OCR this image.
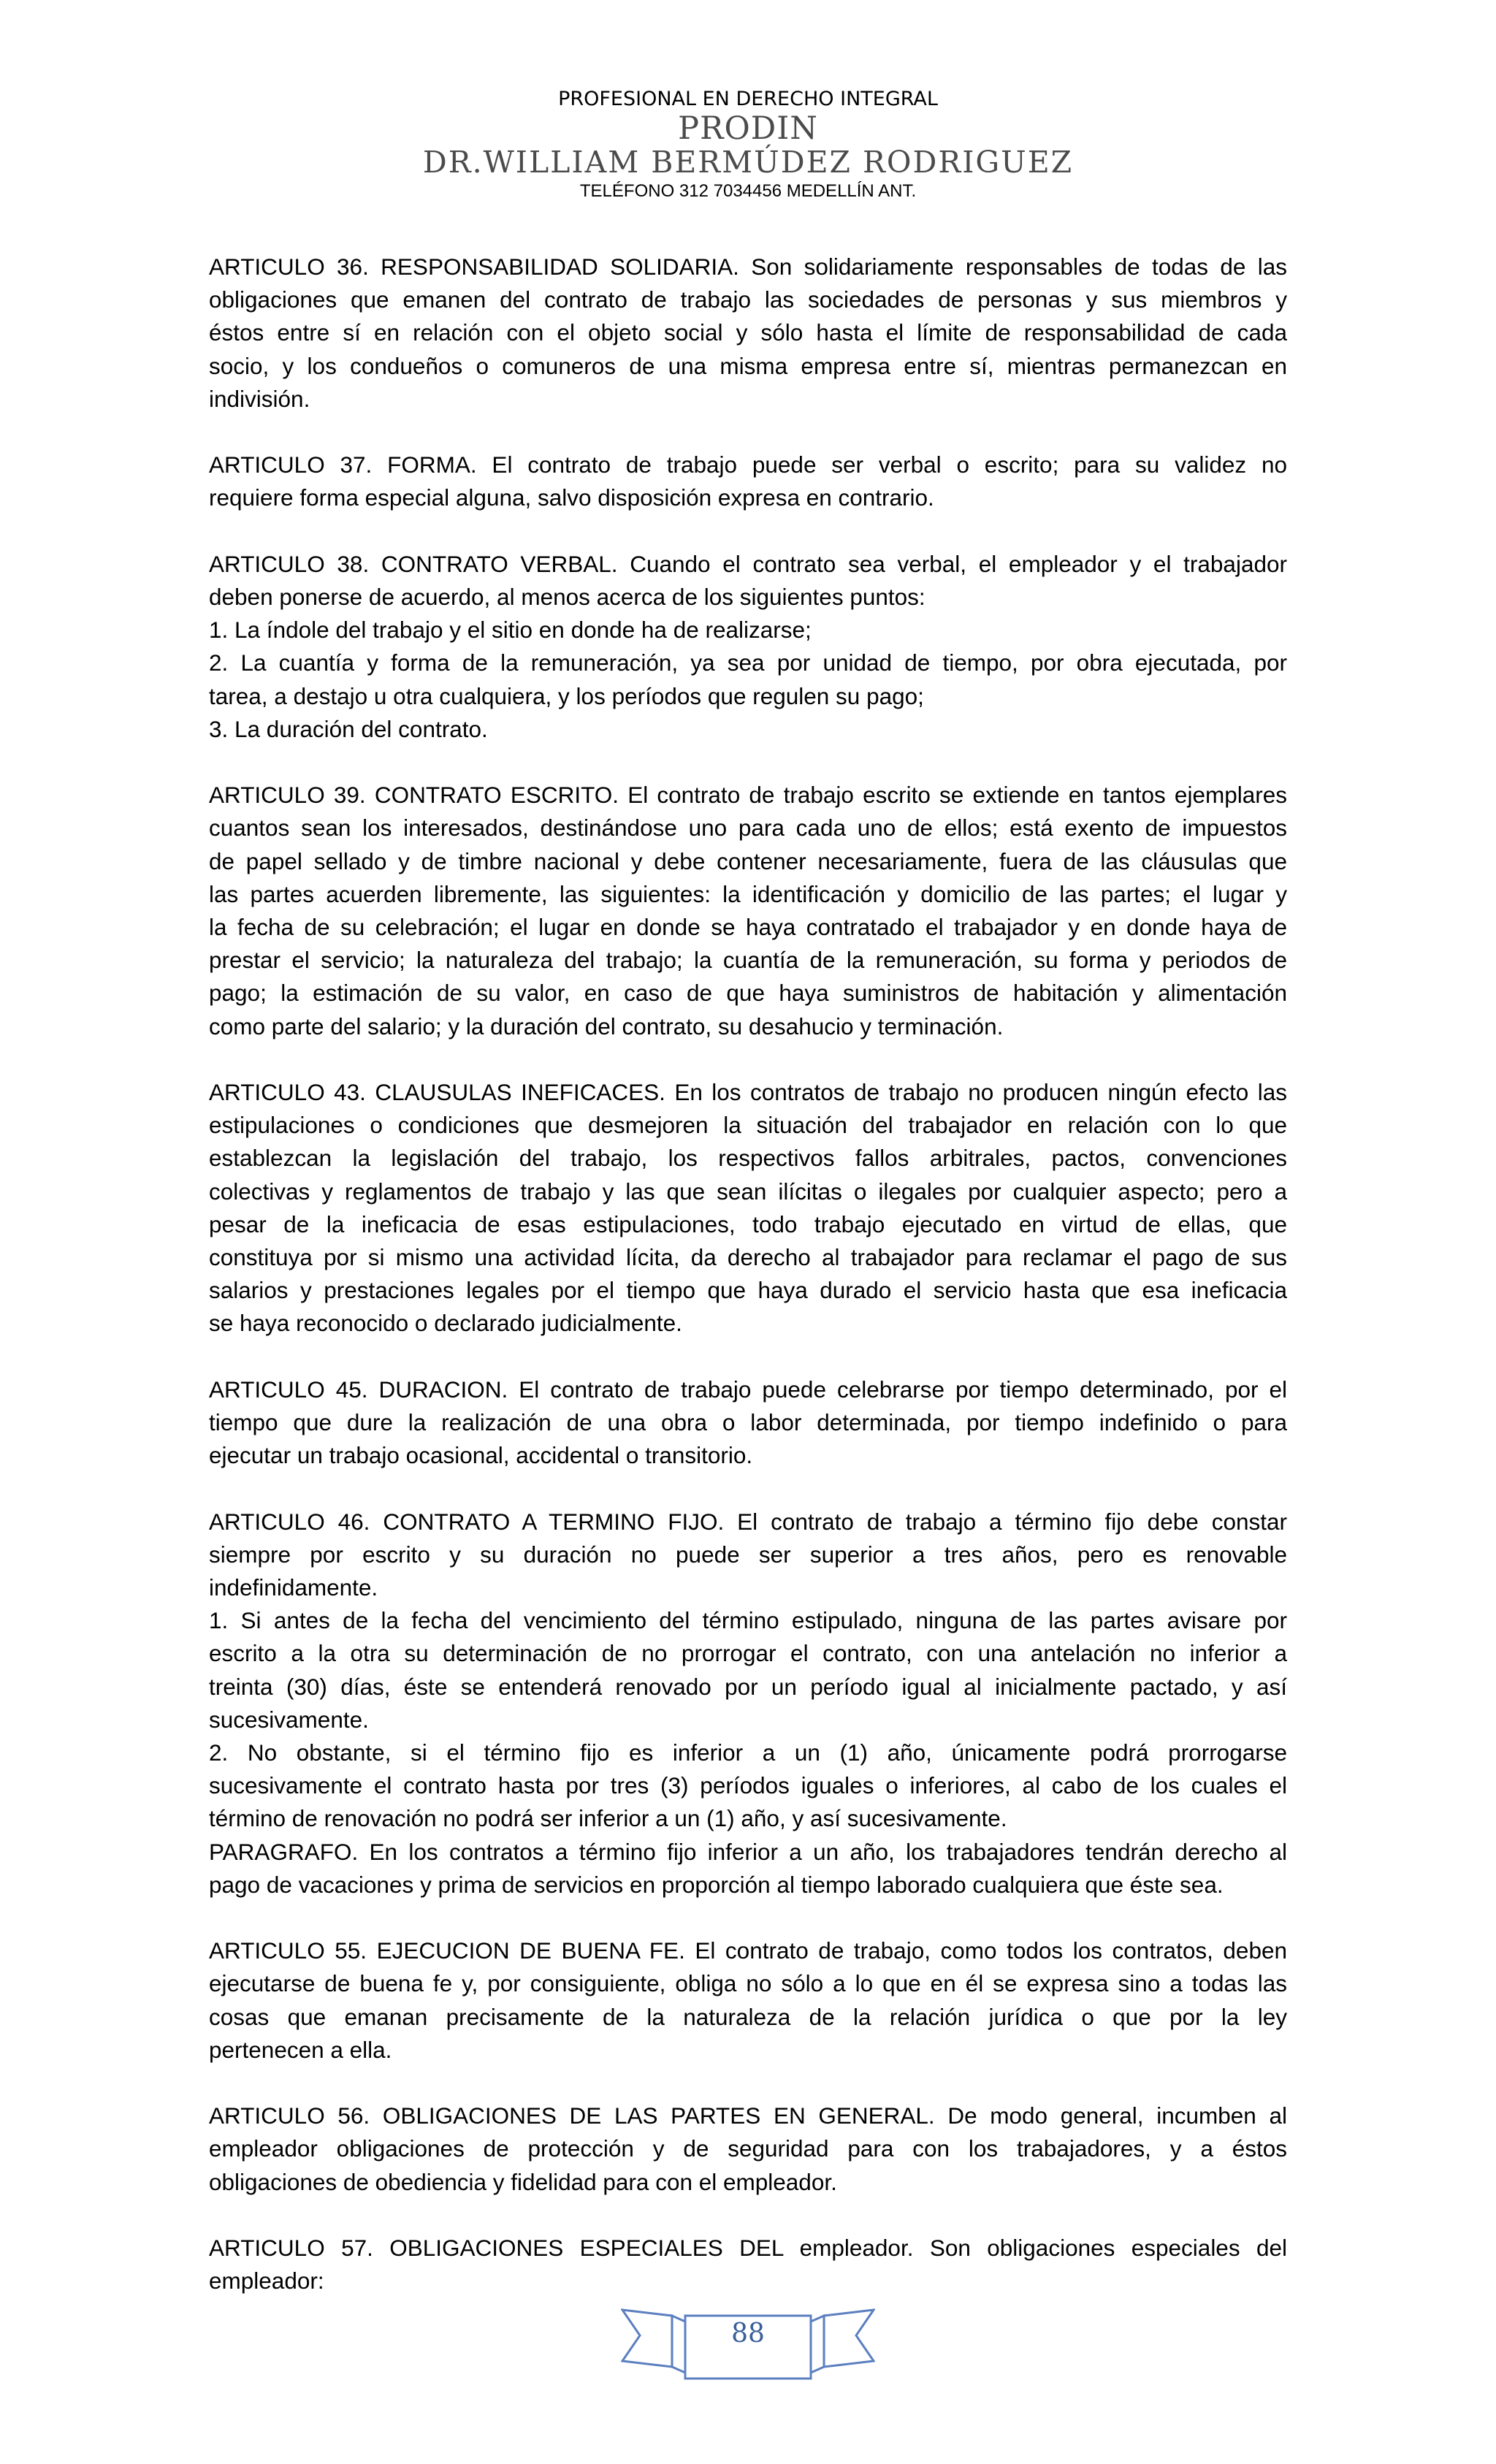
PROFESIONAL EN DERECHO INTEGRAL
PRODIN
DR.WILLIAM BERMÚDEZ RODRIGUEZ
TELÉFONO 312 7034456 MEDELLÍN ANT.

ARTICULO 36. RESPONSABILIDAD SOLIDARIA. Son solidariamente responsables de todas de las
obligaciones que emanen del contrato de trabajo las sociedades de personas y sus miembros y
éstos entre sí en relación con el objeto social y sólo hasta el límite de responsabilidad de cada
socio, y los condueños o comuneros de una misma empresa entre sí, mientras permanezcan en
indivisión.

ARTICULO 37. FORMA. El contrato de trabajo puede ser verbal o escrito; para su validez no
requiere forma especial alguna, salvo disposición expresa en contrario.

ARTICULO 38. CONTRATO VERBAL. Cuando el contrato sea verbal, el empleador y el trabajador
deben ponerse de acuerdo, al menos acerca de los siguientes puntos:
1. La índole del trabajo y el sitio en donde ha de realizarse;
2. La cuantía y forma de la remuneración, ya sea por unidad de tiempo, por obra ejecutada, por
tarea, a destajo u otra cualquiera, y los períodos que regulen su pago;
3. La duración del contrato.

ARTICULO 39. CONTRATO ESCRITO. El contrato de trabajo escrito se extiende en tantos ejemplares
cuantos sean los interesados, destinándose uno para cada uno de ellos; está exento de impuestos
de papel sellado y de timbre nacional y debe contener necesariamente, fuera de las cláusulas que
las partes acuerden libremente, las siguientes: la identificación y domicilio de las partes; el lugar y
la fecha de su celebración; el lugar en donde se haya contratado el trabajador y en donde haya de
prestar el servicio; la naturaleza del trabajo; la cuantía de la remuneración, su forma y periodos de
pago; la estimación de su valor, en caso de que haya suministros de habitación y alimentación
como parte del salario; y la duración del contrato, su desahucio y terminación.

ARTICULO 43. CLAUSULAS INEFICACES. En los contratos de trabajo no producen ningún efecto las
estipulaciones o condiciones que desmejoren la situación del trabajador en relación con lo que
establezcan la legislación del trabajo, los respectivos fallos arbitrales, pactos, convenciones
colectivas y reglamentos de trabajo y las que sean ilícitas o ilegales por cualquier aspecto; pero a
pesar de la ineficacia de esas estipulaciones, todo trabajo ejecutado en virtud de ellas, que
constituya por si mismo una actividad lícita, da derecho al trabajador para reclamar el pago de sus
salarios y prestaciones legales por el tiempo que haya durado el servicio hasta que esa ineficacia
se haya reconocido o declarado judicialmente.

ARTICULO 45. DURACION. El contrato de trabajo puede celebrarse por tiempo determinado, por el
tiempo que dure la realización de una obra o labor determinada, por tiempo indefinido o para
ejecutar un trabajo ocasional, accidental o transitorio.

ARTICULO 46. CONTRATO A TERMINO FIJO. El contrato de trabajo a término fijo debe constar
siempre por escrito y su duración no puede ser superior a tres años, pero es renovable
indefinidamente.

1. Si antes de la fecha del vencimiento del término estipulado, ninguna de las partes avisare por
escrito a la otra su determinación de no prorrogar el contrato, con una antelación no inferior a
treinta (30) días, éste se entenderá renovado por un período igual al inicialmente pactado, y así
sucesivamente.

2. No obstante, si el término fijo es inferior a un (1) año, únicamente podrá prorrogarse
sucesivamente el contrato hasta por tres (3) períodos iguales o inferiores, al cabo de los cuales el
término de renovación no podrá ser inferior a un (1) año, y así sucesivamente.

PARAGRAFO. En los contratos a término fijo inferior a un año, los trabajadores tendrán derecho al
pago de vacaciones y prima de servicios en proporción al tiempo laborado cualquiera que éste sea.

ARTICULO 55. EJECUCION DE BUENA FE. El contrato de trabajo, como todos los contratos, deben
ejecutarse de buena fe y, por consiguiente, obliga no sólo a lo que en él se expresa sino a todas las
cosas que emanan precisamente de la naturaleza de la relación jurídica o que por la ley
pertenecen a ella.

ARTICULO 56. OBLIGACIONES DE LAS PARTES EN GENERAL. De modo general, incumben al
empleador obligaciones de protección y de seguridad para con los trabajadores, y a éstos
obligaciones de obediencia y fidelidad para con el empleador.

ARTICULO 57. OBLIGACIONES ESPECIALES DEL empleador. Son obligaciones especiales del
empleador:

88
